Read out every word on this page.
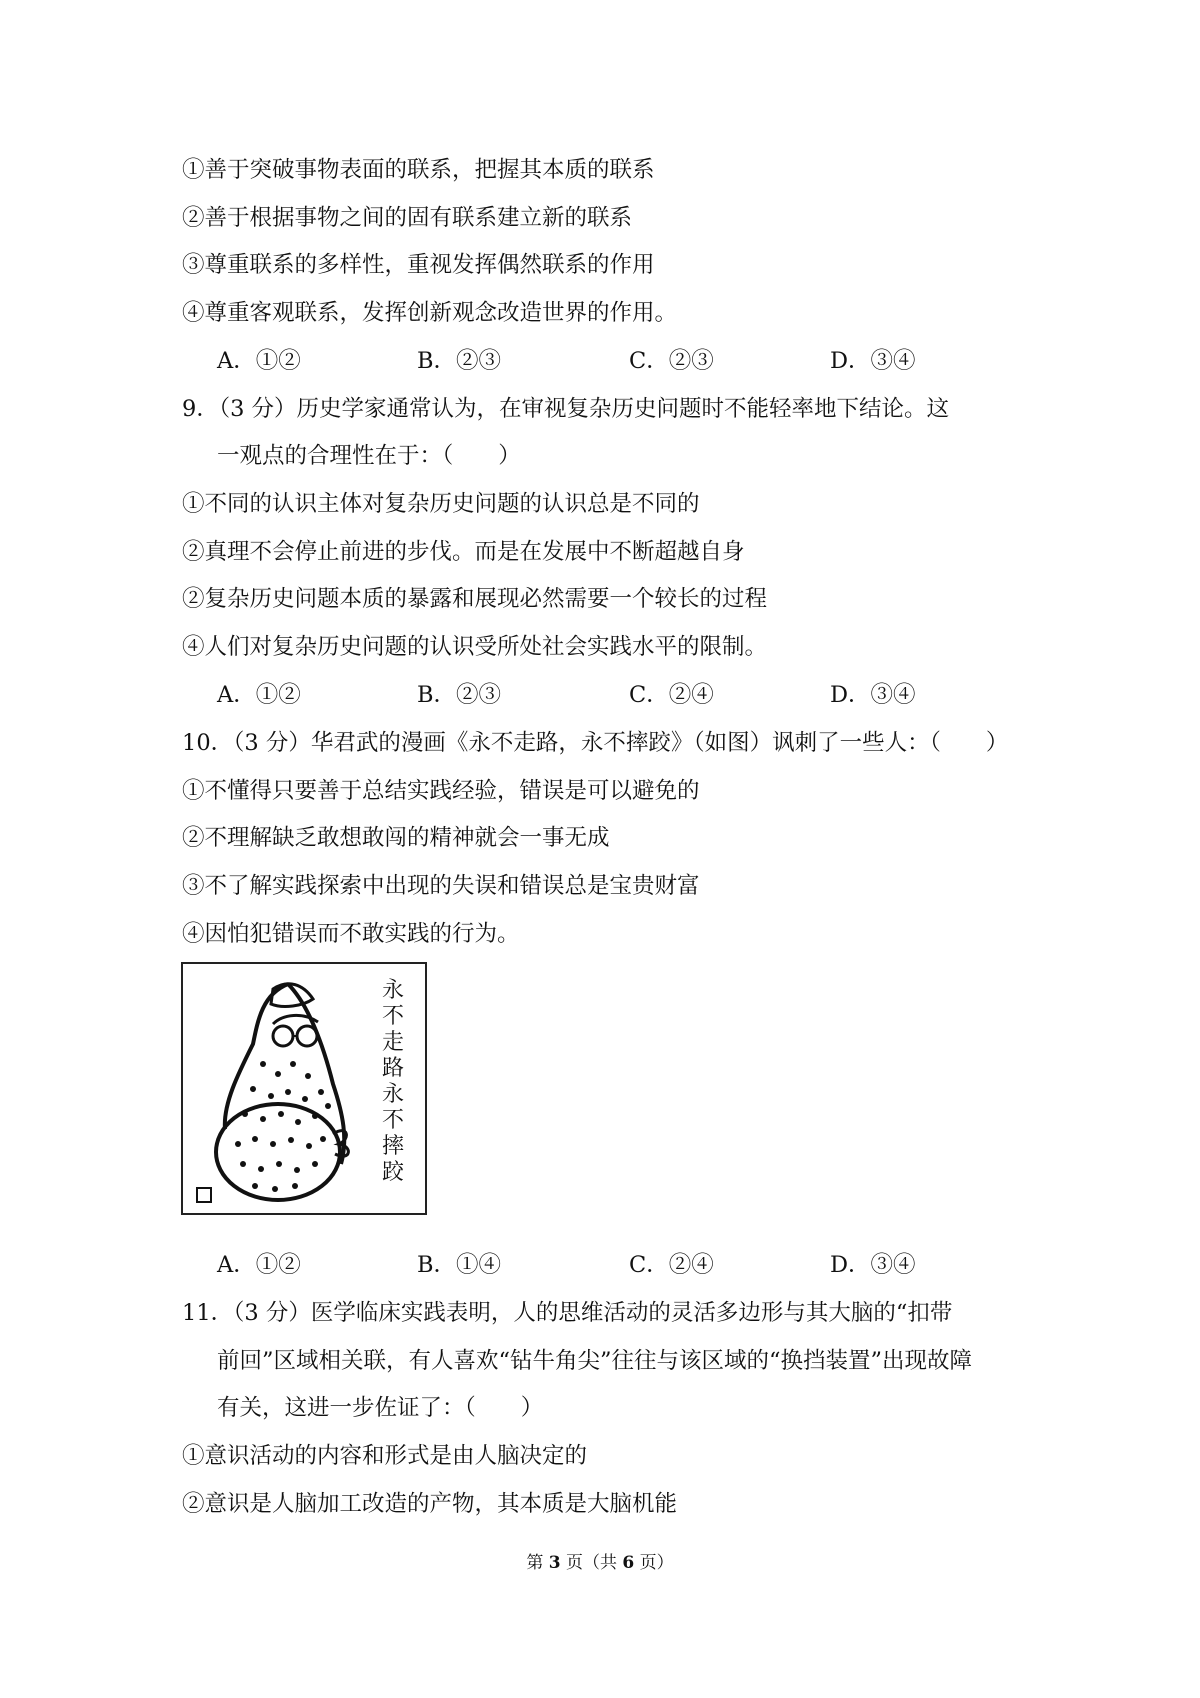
①善于突破事物表面的联系，把握其本质的联系
②善于根据事物之间的固有联系建立新的联系
③尊重联系的多样性，重视发挥偶然联系的作用
④尊重客观联系，发挥创新观念改造世界的作用。
A．①②	B．②③	C．②③	D．③④
9．（3 分）历史学家通常认为，在审视复杂历史问题时不能轻率地下结论。这
一观点的合理性在于：（　　）
①不同的认识主体对复杂历史问题的认识总是不同的
②真理不会停止前进的步伐。而是在发展中不断超越自身
②复杂历史问题本质的暴露和展现必然需要一个较长的过程
④人们对复杂历史问题的认识受所处社会实践水平的限制。
A．①②	B．②③	C．②④	D．③④
10．（3 分）华君武的漫画《永不走路，永不摔跤》（如图）讽刺了一些人：（　　）
①不懂得只要善于总结实践经验，错误是可以避免的
②不理解缺乏敢想敢闯的精神就会一事无成
③不了解实践探索中出现的失误和错误总是宝贵财富
④因怕犯错误而不敢实践的行为。
永
不
走
路
永
不
摔
跤
A．①②	B．①④	C．②④	D．③④
11．（3 分）医学临床实践表明，人的思维活动的灵活多边形与其大脑的“扣带
前回”区域相关联，有人喜欢“钻牛角尖”往往与该区域的“换挡装置”出现故障
有关，这进一步佐证了：（　　）
①意识活动的内容和形式是由人脑决定的
②意识是人脑加工改造的产物，其本质是大脑机能
第 3 页（共 6 页）
